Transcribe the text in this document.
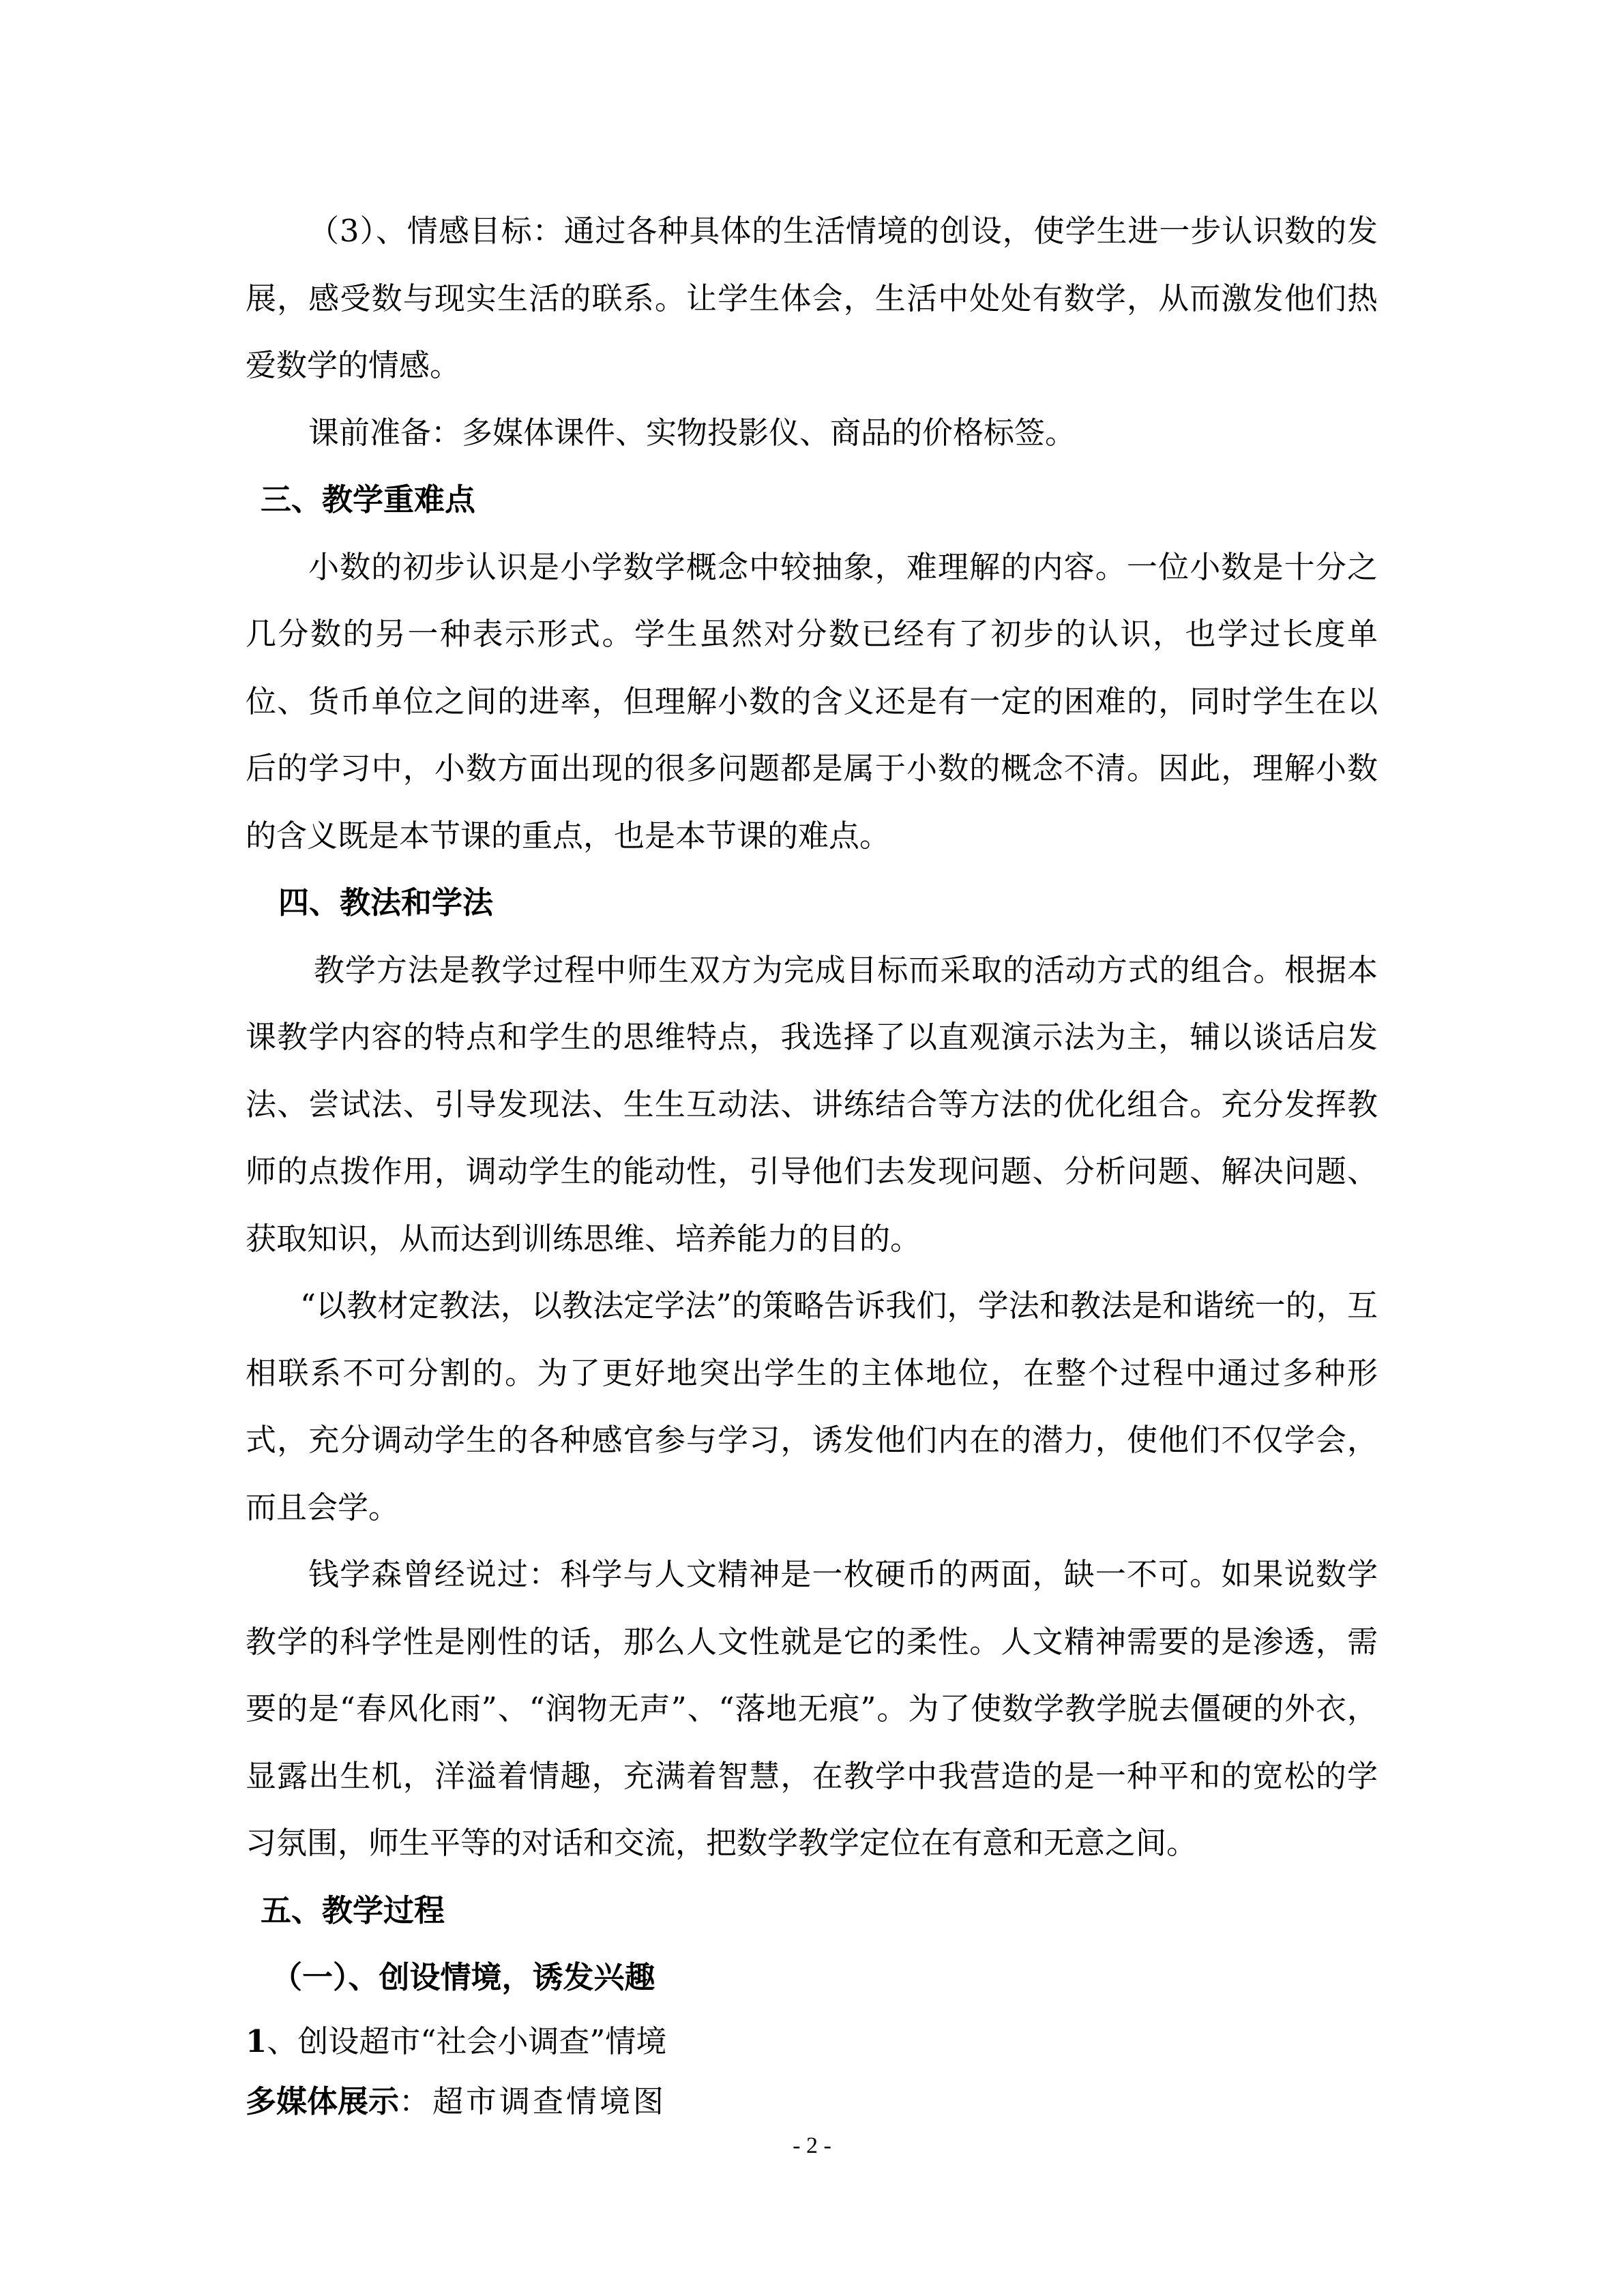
（3）、情感目标：通过各种具体的生活情境的创设，使学生进一步认识数的发展，感受数与现实生活的联系。让学生体会，生活中处处有数学，从而激发他们热爱数学的情感。

课前准备：多媒体课件、实物投影仪、商品的价格标签。

三、教学重难点

小数的初步认识是小学数学概念中较抽象，难理解的内容。一位小数是十分之几分数的另一种表示形式。学生虽然对分数已经有了初步的认识，也学过长度单位、货币单位之间的进率，但理解小数的含义还是有一定的困难的，同时学生在以后的学习中，小数方面出现的很多问题都是属于小数的概念不清。因此，理解小数的含义既是本节课的重点，也是本节课的难点。

四、教法和学法

教学方法是教学过程中师生双方为完成目标而采取的活动方式的组合。根据本课教学内容的特点和学生的思维特点，我选择了以直观演示法为主，辅以谈话启发法、尝试法、引导发现法、生生互动法、讲练结合等方法的优化组合。充分发挥教师的点拨作用，调动学生的能动性，引导他们去发现问题、分析问题、解决问题、获取知识，从而达到训练思维、培养能力的目的。

“以教材定教法，以教法定学法”的策略告诉我们，学法和教法是和谐统一的，互相联系不可分割的。为了更好地突出学生的主体地位，在整个过程中通过多种形式，充分调动学生的各种感官参与学习，诱发他们内在的潜力，使他们不仅学会，而且会学。

钱学森曾经说过：科学与人文精神是一枚硬币的两面，缺一不可。如果说数学教学的科学性是刚性的话，那么人文性就是它的柔性。人文精神需要的是渗透，需要的是“春风化雨”、“润物无声”、“落地无痕”。为了使数学教学脱去僵硬的外衣，显露出生机，洋溢着情趣，充满着智慧，在教学中我营造的是一种平和的宽松的学习氛围，师生平等的对话和交流，把数学教学定位在有意和无意之间。

五、教学过程

（一）、创设情境，诱发兴趣

1、创设超市“社会小调查”情境

多媒体展示：超市调查情境图

- 2 -
